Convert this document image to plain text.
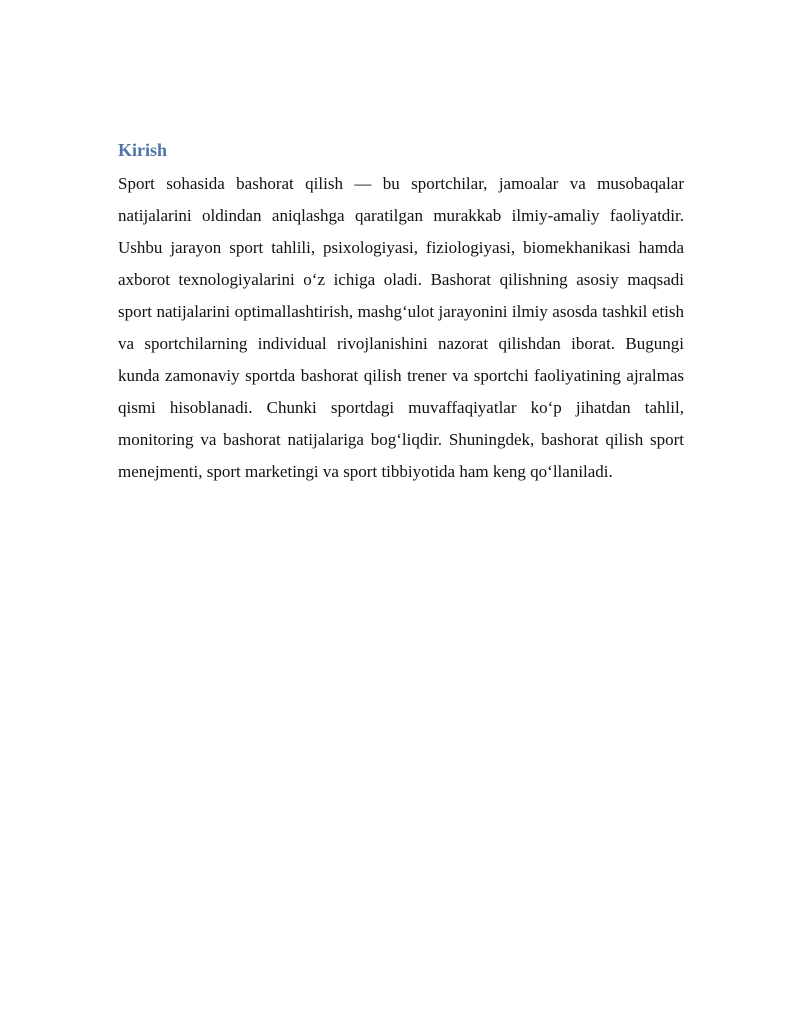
Kirish

Sport sohasida bashorat qilish — bu sportchilar, jamoalar va musobaqalar natijalarini oldindan aniqlashga qaratilgan murakkab ilmiy-amaliy faoliyatdir. Ushbu jarayon sport tahlili, psixologiyasi, fiziologiyasi, biomekhanikasi hamda axborot texnologiyalarini o‘z ichiga oladi. Bashorat qilishning asosiy maqsadi sport natijalarini optimallashtirish, mashg‘ulot jarayonini ilmiy asosda tashkil etish va sportchilarning individual rivojlanishini nazorat qilishdan iborat. Bugungi kunda zamonaviy sportda bashorat qilish trener va sportchi faoliyatining ajralmas qismi hisoblanadi. Chunki sportdagi muvaffaqiyatlar ko‘p jihatdan tahlil, monitoring va bashorat natijalariga bog‘liqdir. Shuningdek, bashorat qilish sport menejmenti, sport marketingi va sport tibbiyotida ham keng qo‘llaniladi.
